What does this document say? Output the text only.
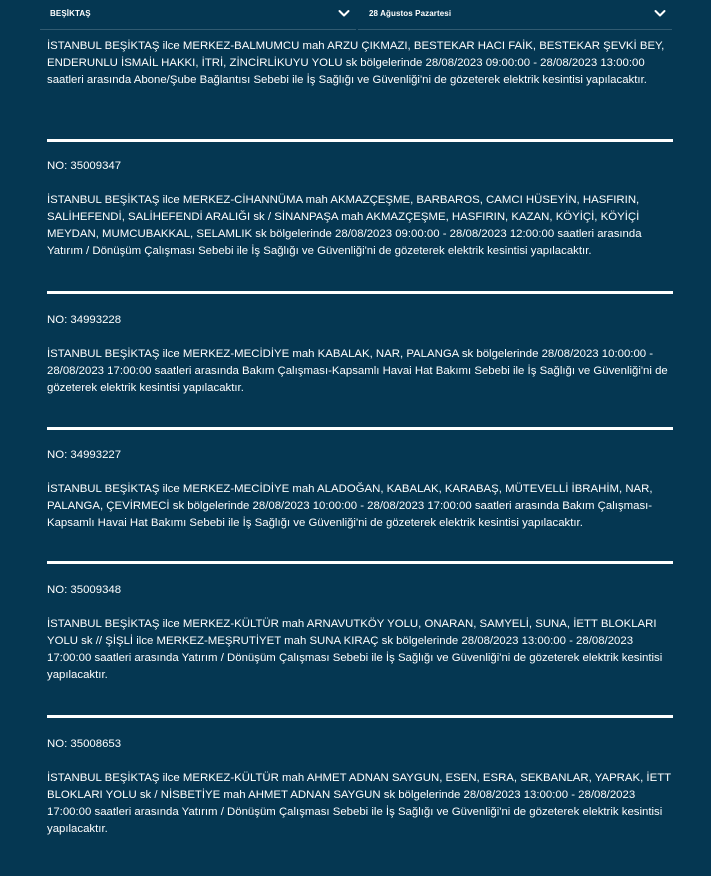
BEŞİKTAŞ	28 Ağustos Pazartesi
İSTANBUL BEŞİKTAŞ ilce MERKEZ-BALMUMCU mah ARZU ÇIKMAZI, BESTEKAR HACI FAİK, BESTEKAR ŞEVKİ BEY, ENDERUNLU İSMAİL HAKKI, İTRİ, ZİNCİRLİKUYU YOLU sk bölgelerinde 28/08/2023 09:00:00 - 28/08/2023 13:00:00 saatleri arasında Abone/Şube Bağlantısı Sebebi ile İş Sağlığı ve Güvenliği'ni de gözeterek elektrik kesintisi yapılacaktır.
NO: 35009347
İSTANBUL BEŞİKTAŞ ilce MERKEZ-CİHANNÜMA mah AKMAZÇEŞME, BARBAROS, CAMCI HÜSEYİN, HASFIRIN, SALİHEFENDİ, SALİHEFENDİ ARALIĞI sk / SİNANPAŞA mah AKMAZÇEŞME, HASFIRIN, KAZAN, KÖYİÇİ, KÖYİÇİ MEYDAN, MUMCUBAKKAL, SELAMLIK sk bölgelerinde 28/08/2023 09:00:00 - 28/08/2023 12:00:00 saatleri arasında Yatırım / Dönüşüm Çalışması Sebebi ile İş Sağlığı ve Güvenliği'ni de gözeterek elektrik kesintisi yapılacaktır.
NO: 34993228
İSTANBUL BEŞİKTAŞ ilce MERKEZ-MECİDİYE mah KABALAK, NAR, PALANGA sk bölgelerinde 28/08/2023 10:00:00 - 28/08/2023 17:00:00 saatleri arasında Bakım Çalışması-Kapsamlı Havai Hat Bakımı Sebebi ile İş Sağlığı ve Güvenliği'ni de gözeterek elektrik kesintisi yapılacaktır.
NO: 34993227
İSTANBUL BEŞİKTAŞ ilce MERKEZ-MECİDİYE mah ALADOĞAN, KABALAK, KARABAŞ, MÜTEVELLİ İBRAHİM, NAR, PALANGA, ÇEVİRMECİ sk bölgelerinde 28/08/2023 10:00:00 - 28/08/2023 17:00:00 saatleri arasında Bakım Çalışması-Kapsamlı Havai Hat Bakımı Sebebi ile İş Sağlığı ve Güvenliği'ni de gözeterek elektrik kesintisi yapılacaktır.
NO: 35009348
İSTANBUL BEŞİKTAŞ ilce MERKEZ-KÜLTÜR mah ARNAVUTKÖY YOLU, ONARAN, SAMYELİ, SUNA, İETT BLOKLARI YOLU sk // ŞİŞLİ ilce MERKEZ-MEŞRUTİYET mah SUNA KIRAÇ sk bölgelerinde 28/08/2023 13:00:00 - 28/08/2023 17:00:00 saatleri arasında Yatırım / Dönüşüm Çalışması Sebebi ile İş Sağlığı ve Güvenliği'ni de gözeterek elektrik kesintisi yapılacaktır.
NO: 35008653
İSTANBUL BEŞİKTAŞ ilce MERKEZ-KÜLTÜR mah AHMET ADNAN SAYGUN, ESEN, ESRA, SEKBANLAR, YAPRAK, İETT BLOKLARI YOLU sk / NİSBETİYE mah AHMET ADNAN SAYGUN sk bölgelerinde 28/08/2023 13:00:00 - 28/08/2023 17:00:00 saatleri arasında Yatırım / Dönüşüm Çalışması Sebebi ile İş Sağlığı ve Güvenliği'ni de gözeterek elektrik kesintisi yapılacaktır.
